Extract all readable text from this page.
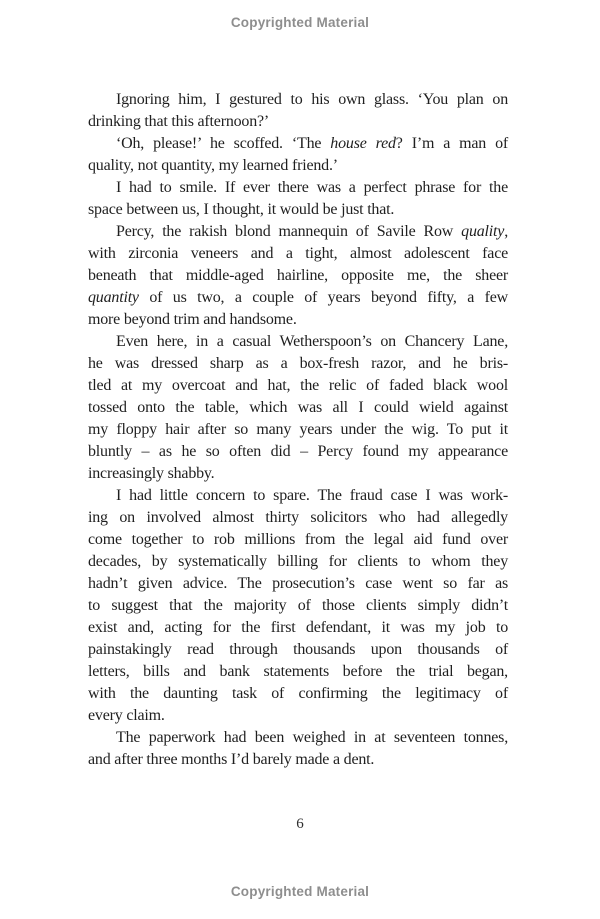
Copyrighted Material
Ignoring him, I gestured to his own glass. ‘You plan on
drinking that this afternoon?’
‘Oh, please!’ he scoffed. ‘The house red? I’m a man of
quality, not quantity, my learned friend.’
I had to smile. If ever there was a perfect phrase for the
space between us, I thought, it would be just that.
Percy, the rakish blond mannequin of Savile Row quality,
with zirconia veneers and a tight, almost adolescent face
beneath that middle-aged hairline, opposite me, the sheer
quantity of us two, a couple of years beyond fifty, a few
more beyond trim and handsome.
Even here, in a casual Wetherspoon’s on Chancery Lane,
he was dressed sharp as a box-fresh razor, and he bris-
tled at my overcoat and hat, the relic of faded black wool
tossed onto the table, which was all I could wield against
my floppy hair after so many years under the wig. To put it
bluntly – as he so often did – Percy found my appearance
increasingly shabby.
I had little concern to spare. The fraud case I was work-
ing on involved almost thirty solicitors who had allegedly
come together to rob millions from the legal aid fund over
decades, by systematically billing for clients to whom they
hadn’t given advice. The prosecution’s case went so far as
to suggest that the majority of those clients simply didn’t
exist and, acting for the first defendant, it was my job to
painstakingly read through thousands upon thousands of
letters, bills and bank statements before the trial began,
with the daunting task of confirming the legitimacy of
every claim.
The paperwork had been weighed in at seventeen tonnes,
and after three months I’d barely made a dent.
6
Copyrighted Material
